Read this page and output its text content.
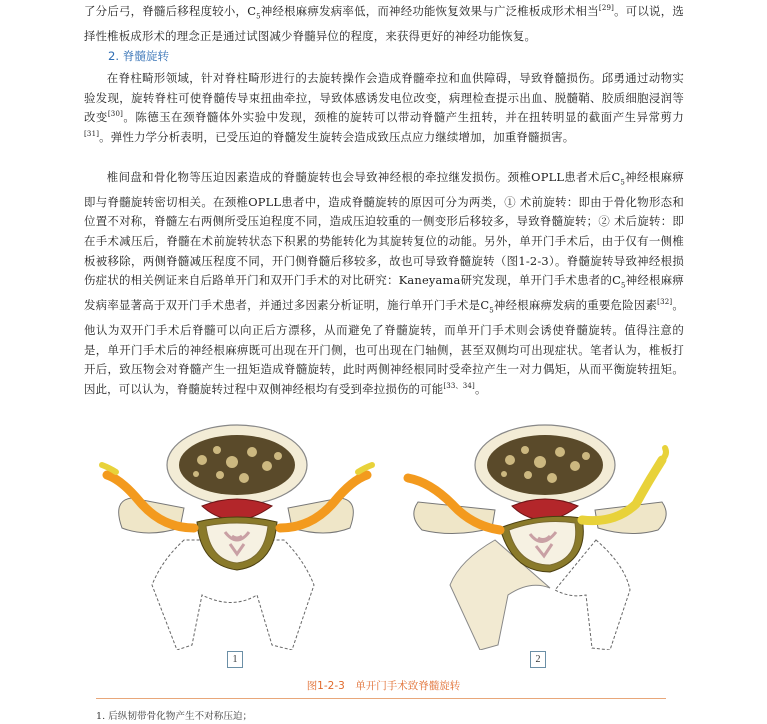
了分后弓，脊髓后移程度较小，$C_5$神经根麻痹发病率低，而神经功能恢复效果与广泛椎板成形术相当[29]。可以说，选择性椎板成形术的理念正是通过试图减少脊髓异位的程度，来获得更好的神经功能恢复。

2. 脊髓旋转

在脊柱畸形领域，针对脊柱畸形进行的去旋转操作会造成脊髓牵拉和血供障碍，导致脊髓损伤。邱勇通过动物实验发现，旋转脊柱可使脊髓传导束扭曲牵拉，导致体感诱发电位改变，病理检查提示出血、脱髓鞘、胶质细胞浸润等改变[30]。陈德玉在颈脊髓体外实验中发现，颈椎的旋转可以带动脊髓产生扭转，并在扭转明显的截面产生异常剪力[31]。弹性力学分析表明，已受压迫的脊髓发生旋转会造成致压点应力继续增加，加重脊髓损害。

椎间盘和骨化物等压迫因素造成的脊髓旋转也会导致神经根的牵拉继发损伤。颈椎OPLL患者术后$C_5$神经根麻痹即与脊髓旋转密切相关。在颈椎OPLL患者中，造成脊髓旋转的原因可分为两类，① 术前旋转：即由于骨化物形态和位置不对称，脊髓左右两侧所受压迫程度不同，造成压迫较重的一侧变形后移较多，导致脊髓旋转；② 术后旋转：即在手术减压后，脊髓在术前旋转状态下积累的势能转化为其旋转复位的动能。另外，单开门手术后，由于仅有一侧椎板被移除，两侧脊髓减压程度不同，开门侧脊髓后移较多，故也可导致脊髓旋转（图1-2-3）。脊髓旋转导致神经根损伤症状的相关例证来自后路单开门和双开门手术的对比研究：Kaneyama研究发现，单开门手术患者的$C_5$神经根麻痹发病率显著高于双开门手术患者，并通过多因素分析证明，施行单开门手术是$C_5$神经根麻痹发病的重要危险因素[32]。他认为双开门手术后脊髓可以向正后方漂移，从而避免了脊髓旋转，而单开门手术则会诱使脊髓旋转。值得注意的是，单开门手术后的神经根麻痹既可出现在开门侧，也可出现在门轴侧，甚至双侧均可出现症状。笔者认为，椎板打开后，致压物会对脊髓产生一扭矩造成脊髓旋转，此时两侧神经根同时受牵拉产生一对力偶矩，从而平衡旋转扭矩。因此，可以认为，脊髓旋转过程中双侧神经根均有受到牵拉损伤的可能[33、34]。

1	2
图1-2-3　单开门手术致脊髓旋转
1. 后纵韧带骨化物产生不对称压迫；
